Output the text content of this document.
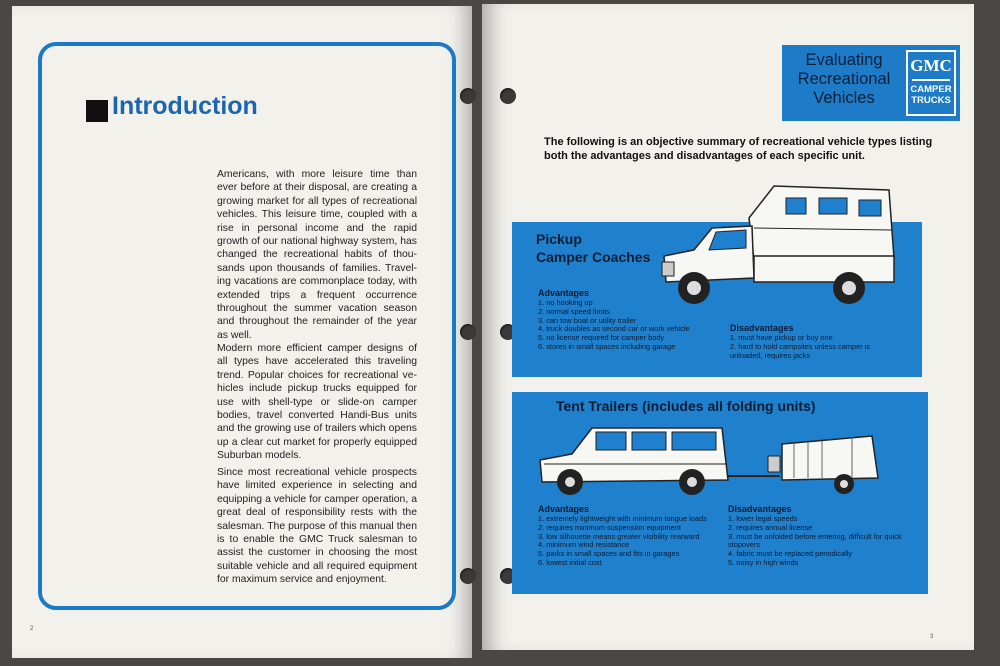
Introduction

Americans, with more leisure time than ever before at their disposal, are creating a growing market for all types of recreational vehicles. This leisure time, coupled with a rise in personal income and the rapid growth of our national highway system, has changed the recreational habits of thou- sands upon thousands of families. Travel- ing vacations are commonplace today, with extended trips a frequent occurrence throughout the summer vacation season and throughout the remainder of the year as well.

Modern more efficient camper designs of all types have accelerated this traveling trend. Popular choices for recreational ve- hicles include pickup trucks equipped for use with shell-type or slide-on camper bodies, travel converted Handi-Bus units and the growing use of trailers which opens up a clear cut market for properly equipped Suburban models.

Since most recreational vehicle prospects have limited experience in selecting and equipping a vehicle for camper operation, a great deal of responsibility rests with the salesman. The purpose of this manual then is to enable the GMC Truck salesman to assist the customer in choosing the most suitable vehicle and all required equipment for maximum service and enjoyment.

2
Evaluating Recreational Vehicles
GMC
CAMPER TRUCKS

The following is an objective summary of recreational vehicle types listing both the advantages and disadvantages of each specific unit.

Pickup
Camper Coaches
Advantages
1. no hooking up
2. normal speed limits
3. can tow boat or utility trailer
4. truck doubles as second car or work vehicle
5. no license required for camper body
6. stores in small spaces including garage
Disadvantages
1. must have pickup or buy one
2. hard to hold campsites unless camper is unloaded, requires jacks
Tent Trailers (includes all folding units)
Advantages
1. extremely lightweight with minimum tongue loads
2. requires minimum suspension equipment
3. low silhouette means greater visibility rearward
4. minimum wind resistance
5. parks in small spaces and fits in garages
6. lowest initial cost
Disadvantages
1. lower legal speeds
2. requires annual license
3. must be unfolded before entering, difficult for quick stopovers
4. fabric must be replaced periodically
5. noisy in high winds
3
